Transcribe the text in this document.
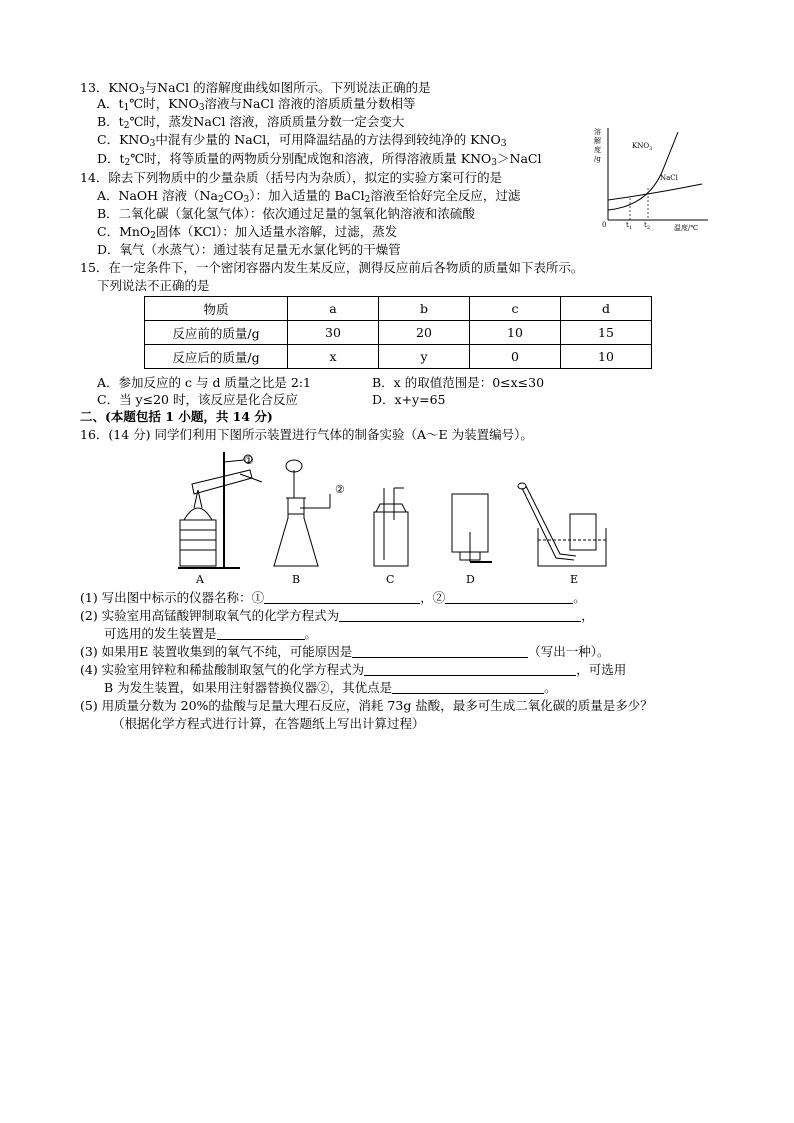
13．$KNO_3$与NaCl 的溶解度曲线如图所示。下列说法正确的是
A．$t_1℃$时，$KNO_3$溶液与NaCl 溶液的溶质质量分数相等
B．$t_2℃$时，蒸发NaCl 溶液，溶质质量分数一定会变大
C．$KNO_3$中混有少量的 NaCl，可用降温结晶的方法得到较纯净的 $KNO_3$
D．$t_2℃$时，将等质量的两物质分别配成饱和溶液，所得溶液质量 $KNO_3>NaCl$
溶
解
度
/g
$KNO_3$
NaCl
0	$t_1$ $t_2$	温度/℃
14．除去下列物质中的少量杂质（括号内为杂质），拟定的实验方案可行的是
A．NaOH 溶液$(Na_2CO_3)$：加入适量的 BaCl$_2$溶液至恰好完全反应，过滤
B．二氧化碳（氯化氢气体）：依次通过足量的氢氧化钠溶液和浓硫酸
C．MnO$_2$固体（KCl）：加入适量水溶解，过滤，蒸发
D．氧气（水蒸气）：通过装有足量无水氯化钙的干燥管
15．在一定条件下，一个密闭容器内发生某反应，测得反应前后各物质的质量如下表所示。
下列说法不正确的是
物质	a	b	c	d
反应前的质量/g	30	20	10	15
反应后的质量/g	x	y	0	10
A．参加反应的 c 与 d 质量之比是 2:1	B．x 的取值范围是：0≤x≤30
C．当 y≤20 时，该反应是化合反应	D．x+y=65
二、(本题包括 1 小题，共 14 分)
16．(14 分) 同学们利用下图所示装置进行气体的制备实验（A～E 为装置编号）。
A	B	C	D	E
①
②
(1) 写出图中标示的仪器名称：①	，②	。
(2) 实验室用高锰酸钾制取氧气的化学方程式为	，
可选用的发生装置是	。
(3) 如果用E 装置收集到的氧气不纯，可能原因是	（写出一种）。
(4) 实验室用锌粒和稀盐酸制取氢气的化学方程式为	，可选用
B 为发生装置，如果用注射器替换仪器②，其优点是	。
(5) 用质量分数为 20%的盐酸与足量大理石反应，消耗 73g 盐酸，最多可生成二氧化碳的质量是多少？
（根据化学方程式进行计算，在答题纸上写出计算过程）
